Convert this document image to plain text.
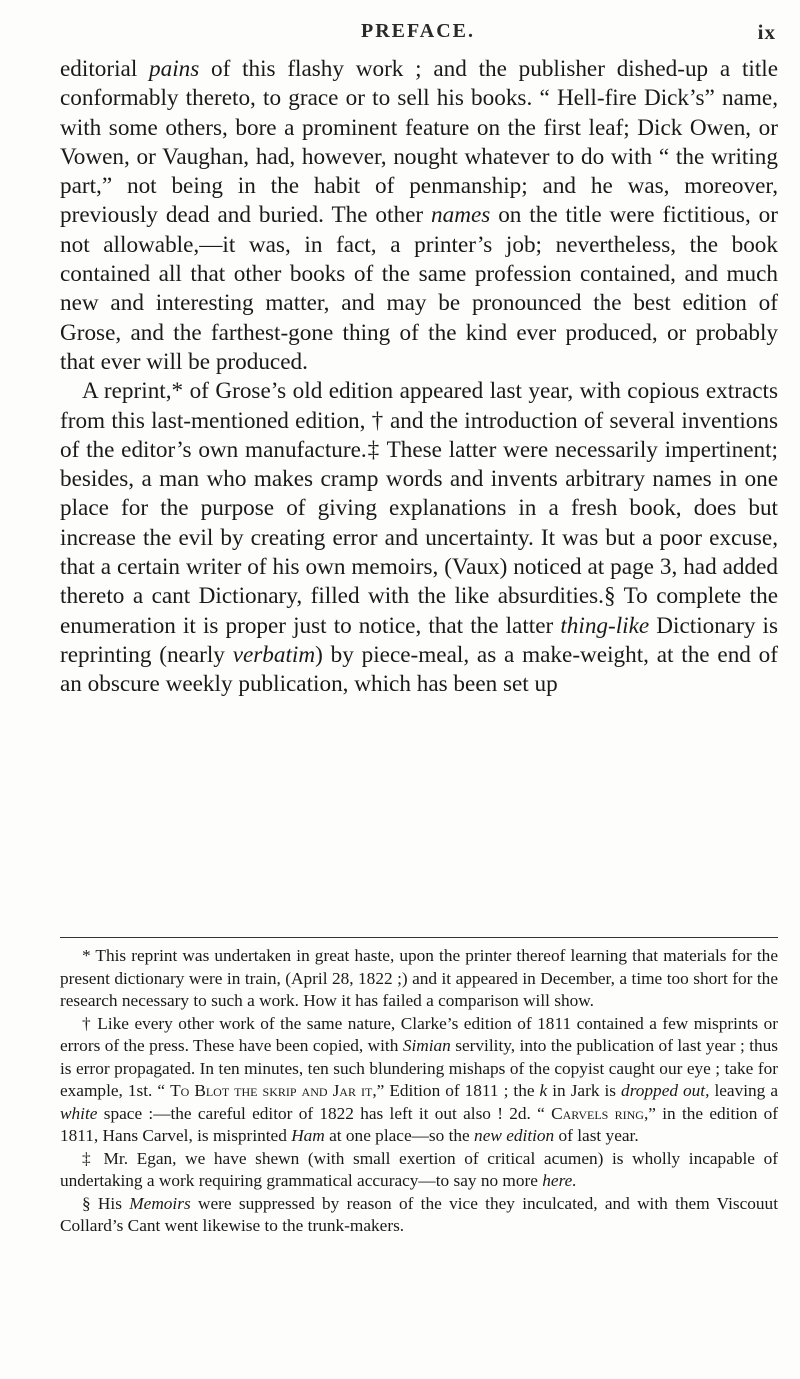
PREFACE.	ix

editorial pains of this flashy work ; and the publisher dished-up a title conformably thereto, to grace or to sell his books. “ Hell-fire Dick’s” name, with some others, bore a prominent feature on the first leaf; Dick Owen, or Vowen, or Vaughan, had, however, nought whatever to do with “ the writing part,” not being in the habit of penmanship; and he was, moreover, previously dead and buried. The other names on the title were fictitious, or not allowable,—it was, in fact, a printer’s job; nevertheless, the book contained all that other books of the same profession contained, and much new and interesting matter, and may be pronounced the best edition of Grose, and the farthest-gone thing of the kind ever produced, or probably that ever will be produced.

A reprint,* of Grose’s old edition appeared last year, with copious extracts from this last-mentioned edition, † and the introduction of several inventions of the editor’s own manufacture.‡ These latter were necessarily impertinent; besides, a man who makes cramp words and invents arbitrary names in one place for the purpose of giving explanations in a fresh book, does but increase the evil by creating error and uncertainty. It was but a poor excuse, that a certain writer of his own memoirs, (Vaux) noticed at page 3, had added thereto a cant Dictionary, filled with the like absurdities.§ To complete the enumeration it is proper just to notice, that the latter thing-like Dictionary is reprinting (nearly verbatim) by piece-meal, as a make-weight, at the end of an obscure weekly publication, which has been set up

* This reprint was undertaken in great haste, upon the printer thereof learning that materials for the present dictionary were in train, (April 28, 1822 ;) and it appeared in December, a time too short for the research necessary to such a work. How it has failed a comparison will show.

† Like every other work of the same nature, Clarke’s edition of 1811 contained a few misprints or errors of the press. These have been copied, with Simian servility, into the publication of last year ; thus is error propagated. In ten minutes, ten such blundering mishaps of the copyist caught our eye ; take for example, 1st. “ To Blot the skrip and Jar it,” Edition of 1811 ; the k in Jark is dropped out, leaving a white space :—the careful editor of 1822 has left it out also ! 2d. “ Carvels ring,” in the edition of 1811, Hans Carvel, is misprinted Ham at one place—so the new edition of last year.

‡ Mr. Egan, we have shewn (with small exertion of critical acumen) is wholly incapable of undertaking a work requiring grammatical accuracy—to say no more here.

§ His Memoirs were suppressed by reason of the vice they inculcated, and with them Viscouut Collard’s Cant went likewise to the trunk-makers.
